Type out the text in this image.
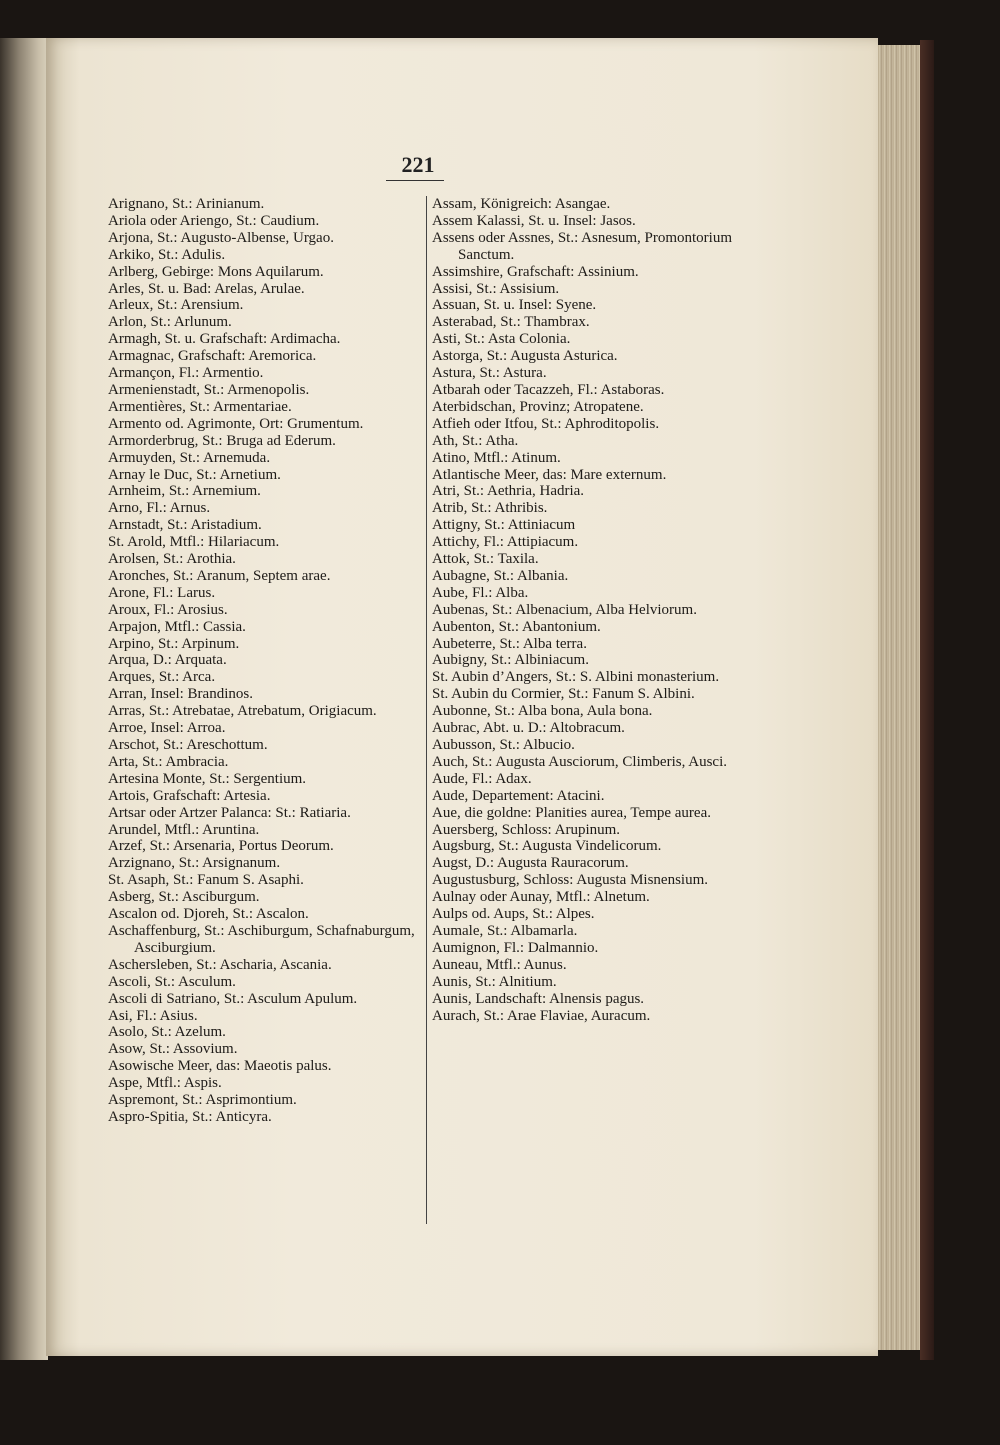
221
Arignano, St.: Arinianum.
Ariola oder Ariengo, St.: Caudium.
Arjona, St.: Augusto-Albense, Urgao.
Arkiko, St.: Adulis.
Arlberg, Gebirge: Mons Aquilarum.
Arles, St. u. Bad: Arelas, Arulae.
Arleux, St.: Arensium.
Arlon, St.: Arlunum.
Armagh, St. u. Grafschaft: Ardimacha.
Armagnac, Grafschaft: Aremorica.
Armançon, Fl.: Armentio.
Armenienstadt, St.: Armenopolis.
Armentières, St.: Armentariae.
Armento od. Agrimonte, Ort: Grumentum.
Armorderbrug, St.: Bruga ad Ederum.
Armuyden, St.: Arnemuda.
Arnay le Duc, St.: Arnetium.
Arnheim, St.: Arnemium.
Arno, Fl.: Arnus.
Arnstadt, St.: Aristadium.
St. Arold, Mtfl.: Hilariacum.
Arolsen, St.: Arothia.
Aronches, St.: Aranum, Septem arae.
Arone, Fl.: Larus.
Aroux, Fl.: Arosius.
Arpajon, Mtfl.: Cassia.
Arpino, St.: Arpinum.
Arqua, D.: Arquata.
Arques, St.: Arca.
Arran, Insel: Brandinos.
Arras, St.: Atrebatae, Atrebatum, Origiacum.
Arroe, Insel: Arroa.
Arschot, St.: Areschottum.
Arta, St.: Ambracia.
Artesina Monte, St.: Sergentium.
Artois, Grafschaft: Artesia.
Artsar oder Artzer Palanca: St.: Ratiaria.
Arundel, Mtfl.: Aruntina.
Arzef, St.: Arsenaria, Portus Deorum.
Arzignano, St.: Arsignanum.
St. Asaph, St.: Fanum S. Asaphi.
Asberg, St.: Asciburgum.
Ascalon od. Djoreh, St.: Ascalon.
Aschaffenburg, St.: Aschiburgum, Schafnaburgum, Asciburgium.
Aschersleben, St.: Ascharia, Ascania.
Ascoli, St.: Asculum.
Ascoli di Satriano, St.: Asculum Apulum.
Asi, Fl.: Asius.
Asolo, St.: Azelum.
Asow, St.: Assovium.
Asowische Meer, das: Maeotis palus.
Aspe, Mtfl.: Aspis.
Aspremont, St.: Asprimontium.
Aspro-Spitia, St.: Anticyra.
Assam, Königreich: Asangae.
Assem Kalassi, St. u. Insel: Jasos.
Assens oder Assnes, St.: Asnesum, Promontorium Sanctum.
Assimshire, Grafschaft: Assinium.
Assisi, St.: Assisium.
Assuan, St. u. Insel: Syene.
Asterabad, St.: Thambrax.
Asti, St.: Asta Colonia.
Astorga, St.: Augusta Asturica.
Astura, St.: Astura.
Atbarah oder Tacazzeh, Fl.: Astaboras.
Aterbidschan, Provinz; Atropatene.
Atfieh oder Itfou, St.: Aphroditopolis.
Ath, St.: Atha.
Atino, Mtfl.: Atinum.
Atlantische Meer, das: Mare externum.
Atri, St.: Aethria, Hadria.
Atrib, St.: Athribis.
Attigny, St.: Attiniacum
Attichy, Fl.: Attipiacum.
Attok, St.: Taxila.
Aubagne, St.: Albania.
Aube, Fl.: Alba.
Aubenas, St.: Albenacium, Alba Helviorum.
Aubenton, St.: Abantonium.
Aubeterre, St.: Alba terra.
Aubigny, St.: Albiniacum.
St. Aubin d’Angers, St.: S. Albini monasterium.
St. Aubin du Cormier, St.: Fanum S. Albini.
Aubonne, St.: Alba bona, Aula bona.
Aubrac, Abt. u. D.: Altobracum.
Aubusson, St.: Albucio.
Auch, St.: Augusta Ausciorum, Climberis, Ausci.
Aude, Fl.: Adax.
Aude, Departement: Atacini.
Aue, die goldne: Planities aurea, Tempe aurea.
Auersberg, Schloss: Arupinum.
Augsburg, St.: Augusta Vindelicorum.
Augst, D.: Augusta Rauracorum.
Augustusburg, Schloss: Augusta Misnensium.
Aulnay oder Aunay, Mtfl.: Alnetum.
Aulps od. Aups, St.: Alpes.
Aumale, St.: Albamarla.
Aumignon, Fl.: Dalmannio.
Auneau, Mtfl.: Aunus.
Aunis, St.: Alnitium.
Aunis, Landschaft: Alnensis pagus.
Aurach, St.: Arae Flaviae, Auracum.
